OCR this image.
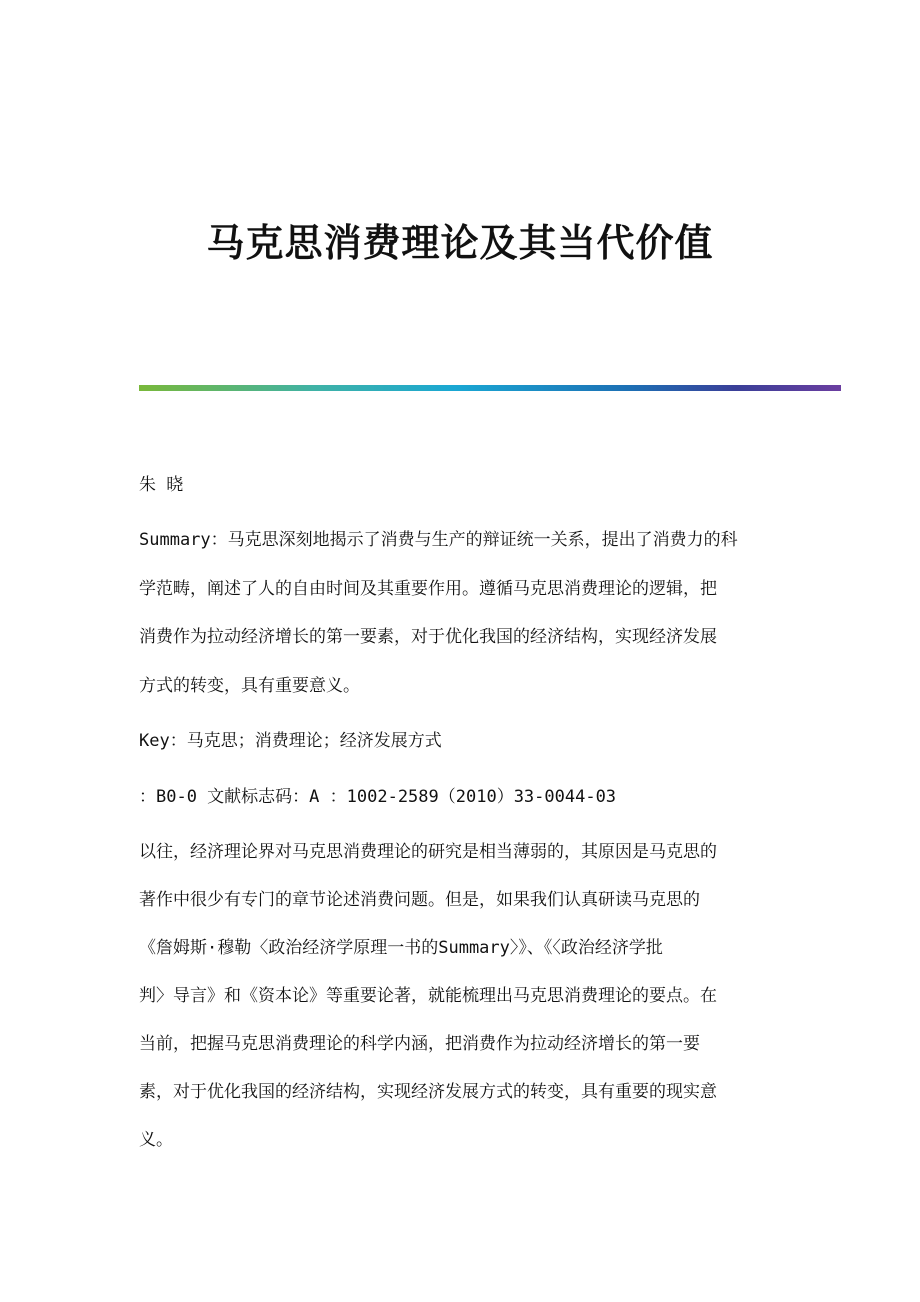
马克思消费理论及其当代价值

朱 晓

Summary：马克思深刻地揭示了消费与生产的辩证统一关系，提出了消费力的科

学范畴，阐述了人的自由时间及其重要作用。遵循马克思消费理论的逻辑，把

消费作为拉动经济增长的第一要素，对于优化我国的经济结构，实现经济发展

方式的转变，具有重要意义。

Key：马克思；消费理论；经济发展方式

：B0-0 文献标志码：A ：1002-2589（2010）33-0044-03

以往，经济理论界对马克思消费理论的研究是相当薄弱的，其原因是马克思的

著作中很少有专门的章节论述消费问题。但是，如果我们认真研读马克思的

《詹姆斯·穆勒〈政治经济学原理一书的Summary〉》、《〈政治经济学批

判〉导言》和《资本论》等重要论著，就能梳理出马克思消费理论的要点。在

当前，把握马克思消费理论的科学内涵，把消费作为拉动经济增长的第一要

素，对于优化我国的经济结构，实现经济发展方式的转变，具有重要的现实意

义。
